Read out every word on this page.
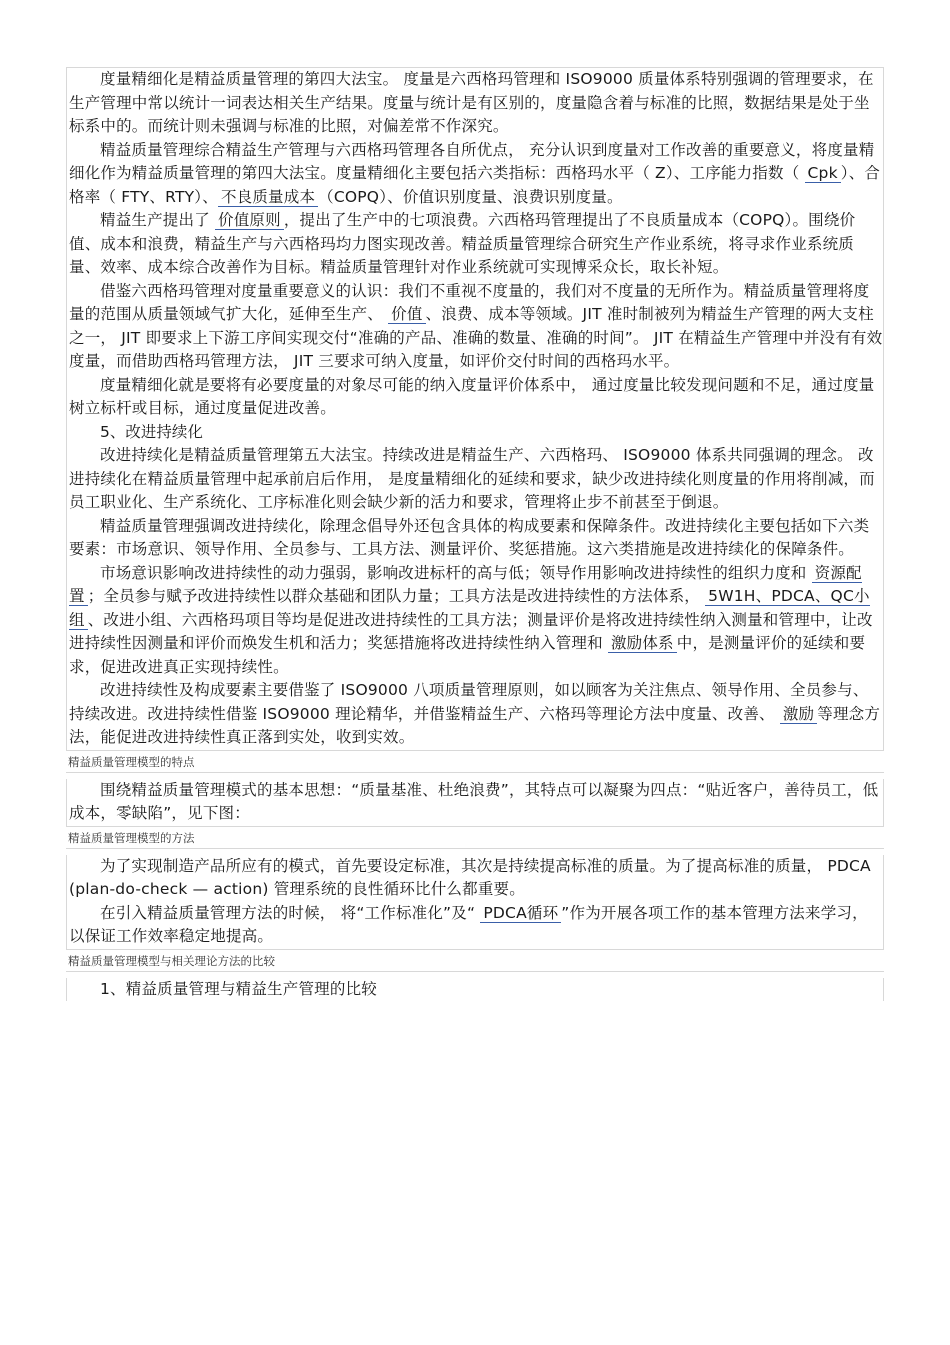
度量精细化是精益质量管理的第四大法宝。 度量是六西格玛管理和 ISO9000 质量体系特别强调的管理要求，在生产管理中常以统计一词表达相关生产结果。度量与统计是有区别的，度量隐含着与标准的比照，数据结果是处于坐标系中的。而统计则未强调与标准的比照，对偏差常不作深究。

精益质量管理综合精益生产管理与六西格玛管理各自所优点， 充分认识到度量对工作改善的重要意义，将度量精细化作为精益质量管理的第四大法宝。度量精细化主要包括六类指标：西格玛水平（ Z）、工序能力指数（ Cpk ）、合格率（ FTY、RTY）、 不良质量成本 （COPQ）、价值识别度量、浪费识别度量。

精益生产提出了 价值原则 ，提出了生产中的七项浪费。六西格玛管理提出了不良质量成本（COPQ）。围绕价值、成本和浪费，精益生产与六西格玛均力图实现改善。精益质量管理综合研究生产作业系统，将寻求作业系统质量、效率、成本综合改善作为目标。精益质量管理针对作业系统就可实现博采众长，取长补短。

借鉴六西格玛管理对度量重要意义的认识：我们不重视不度量的，我们对不度量的无所作为。精益质量管理将度量的范围从质量领域气扩大化，延伸至生产、 价值 、浪费、成本等领域。JIT 准时制被列为精益生产管理的两大支柱之一， JIT 即要求上下游工序间实现交付“准确的产品、准确的数量、准确的时间”。 JIT 在精益生产管理中并没有有效度量，而借助西格玛管理方法， JIT 三要求可纳入度量，如评价交付时间的西格玛水平。

度量精细化就是要将有必要度量的对象尽可能的纳入度量评价体系中， 通过度量比较发现问题和不足，通过度量树立标杆或目标，通过度量促进改善。

5、改进持续化

改进持续化是精益质量管理第五大法宝。持续改进是精益生产、六西格玛、 ISO9000 体系共同强调的理念。 改进持续化在精益质量管理中起承前启后作用， 是度量精细化的延续和要求，缺少改进持续化则度量的作用将削减，而员工职业化、生产系统化、工序标准化则会缺少新的活力和要求，管理将止步不前甚至于倒退。

精益质量管理强调改进持续化，除理念倡导外还包含具体的构成要素和保障条件。改进持续化主要包括如下六类要素：市场意识、领导作用、全员参与、工具方法、测量评价、奖惩措施。这六类措施是改进持续化的保障条件。

市场意识影响改进持续性的动力强弱，影响改进标杆的高与低；领导作用影响改进持续性的组织力度和 资源配置 ；全员参与赋予改进持续性以群众基础和团队力量；工具方法是改进持续性的方法体系， 5W1H、PDCA、QC小组 、改进小组、六西格玛项目等均是促进改进持续性的工具方法；测量评价是将改进持续性纳入测量和管理中，让改进持续性因测量和评价而焕发生机和活力；奖惩措施将改进持续性纳入管理和 激励体系 中，是测量评价的延续和要求，促进改进真正实现持续性。

改进持续性及构成要素主要借鉴了 ISO9000 八项质量管理原则，如以顾客为关注焦点、领导作用、全员参与、持续改进。改进持续性借鉴 ISO9000 理论精华，并借鉴精益生产、六格玛等理论方法中度量、改善、 激励 等理念方法，能促进改进持续性真正落到实处，收到实效。

精益质量管理模型的特点

围绕精益质量管理模式的基本思想：“质量基准、杜绝浪费”，其特点可以凝聚为四点：“贴近客户，善待员工，低成本，零缺陷”，见下图：

精益质量管理模型的方法

为了实现制造产品所应有的模式，首先要设定标准，其次是持续提高标准的质量。为了提高标准的质量， PDCA(plan-do-check — action) 管理系统的良性循环比什么都重要。

在引入精益质量管理方法的时候， 将“工作标准化”及“ PDCA循环 ”作为开展各项工作的基本管理方法来学习，以保证工作效率稳定地提高。

精益质量管理模型与相关理论方法的比较

1、精益质量管理与精益生产管理的比较
